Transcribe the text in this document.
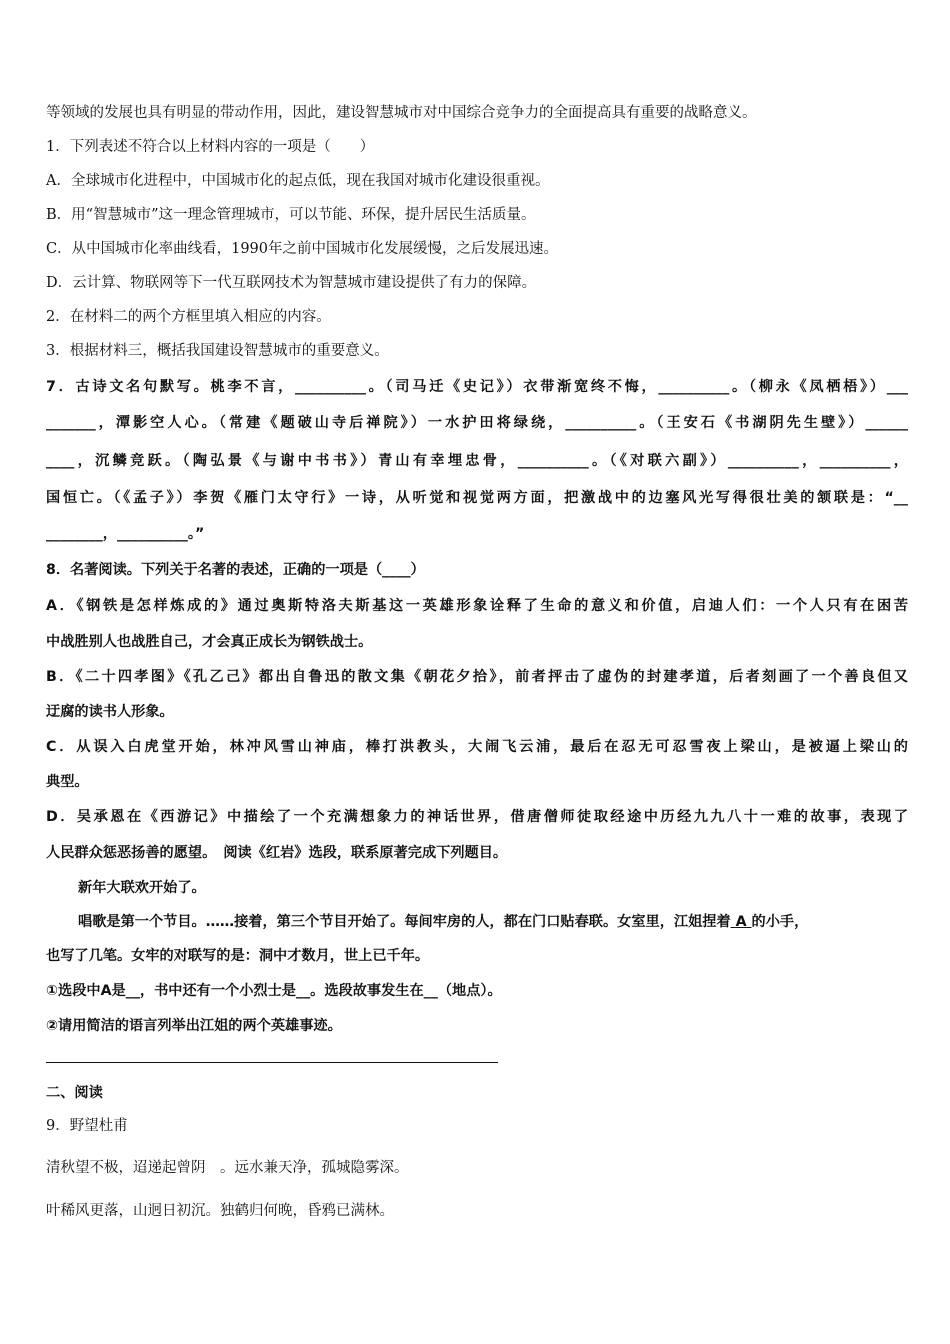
等领域的发展也具有明显的带动作用，因此，建设智慧城市对中国综合竞争力的全面提高具有重要的战略意义。
1．下列表述不符合以上材料内容的一项是（　　）
A．全球城市化进程中，中国城市化的起点低，现在我国对城市化建设很重视。
B．用“智慧城市”这一理念管理城市，可以节能、环保，提升居民生活质量。
C．从中国城市化率曲线看，1990年之前中国城市化发展缓慢，之后发展迅速。
D．云计算、物联网等下一代互联网技术为智慧城市建设提供了有力的保障。
2．在材料二的两个方框里填入相应的内容。
3．根据材料三，概括我国建设智慧城市的重要意义。
7．古诗文名句默写。桃李不言，__________。（司马迁《史记》）衣带渐宽终不悔，__________。（柳永《凤栖梧》）___
_______，潭影空人心。（常建《题破山寺后禅院》）一水护田将绿绕，__________。（王安石《书湖阴先生壁》）______
____，沉鳞竞跃。（陶弘景《与谢中书书》）青山有幸埋忠骨，__________。（《对联六副》）__________，__________，
国恒亡。（《孟子》）李贺《雁门太守行》一诗，从听觉和视觉两方面，把激战中的边塞风光写得很壮美的颔联是：“__
________，__________。”
8．名著阅读。下列关于名著的表述，正确的一项是（____）
A．《钢铁是怎样炼成的》通过奥斯特洛夫斯基这一英雄形象诠释了生命的意义和价值，启迪人们：一个人只有在困苦
中战胜别人也战胜自己，才会真正成长为钢铁战士。
B．《二十四孝图》《孔乙己》都出自鲁迅的散文集《朝花夕拾》，前者抨击了虚伪的封建孝道，后者刻画了一个善良但又
迂腐的读书人形象。
C．从误入白虎堂开始，林冲风雪山神庙，棒打洪教头，大闹飞云浦，最后在忍无可忍雪夜上梁山，是被逼上梁山的
典型。
D．吴承恩在《西游记》中描绘了一个充满想象力的神话世界，借唐僧师徒取经途中历经九九八十一难的故事，表现了
人民群众惩恶扬善的愿望。　阅读《红岩》选段，联系原著完成下列题目。
新年大联欢开始了。
唱歌是第一个节目。……接着，第三个节目开始了。每间牢房的人，都在门口贴春联。女室里，江姐捏着 A 的小手，
也写了几笔。女牢的对联写的是：洞中才数月，世上已千年。
①选段中A是__，书中还有一个小烈士是__。选段故事发生在__（地点）。
②请用简洁的语言列举出江姐的两个英雄事迹。
二、阅读
9．野望杜甫
清秋望不极，迢递起曾阴　。远水兼天净，孤城隐雾深。
叶稀风更落，山迥日初沉。独鹤归何晚，昏鸦已满林。
